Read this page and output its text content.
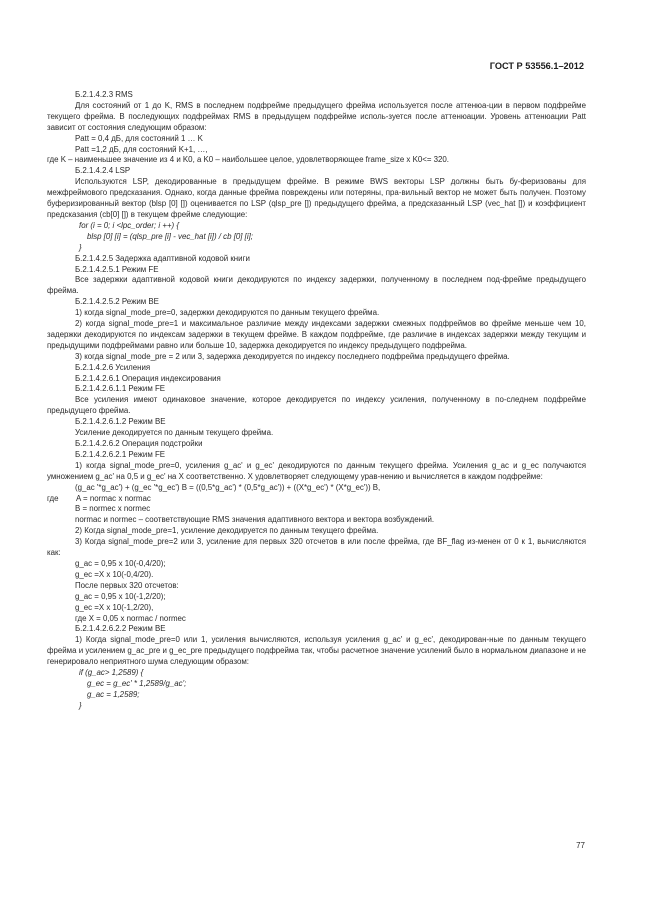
ГОСТ Р 53556.1–2012

Б.2.1.4.2.3 RMS

Для состояний от 1 до K, RMS в последнем подфрейме предыдущего фрейма используется после аттенюа-ции в первом подфрейме текущего фрейма. В последующих подфреймах RMS в предыдущем подфрейме исполь-зуется после аттенюации. Уровень аттенюации Patt зависит от состояния следующим образом:

Patt = 0,4 дБ, для состояний 1 … K

Patt =1,2 дБ, для состояний K+1, …,

где K – наименьшее значение из 4 и K0, а K0 – наибольшее целое, удовлетворяющее frame_size x K0<= 320.

Б.2.1.4.2.4 LSP

Используются LSP, декодированные в предыдущем фрейме. В режиме BWS векторы LSP должны быть бу-феризованы для межфреймового предсказания. Однако, когда данные фрейма повреждены или потеряны, пра-вильный вектор не может быть получен. Поэтому буферизированный вектор (blsp [0] []) оценивается по LSP (qlsp_pre []) предыдущего фрейма, а предсказанный LSP (vec_hat []) и коэффициент предсказания (cb[0] []) в текущем фрейме следующие:

for (i = 0; i <lpc_order; i ++) {

blsp [0] [i] = (qlsp_pre [i] - vec_hat [i]) / cb [0] [i];

}

Б.2.1.4.2.5 Задержка адаптивной кодовой книги

Б.2.1.4.2.5.1 Режим FE

Все задержки адаптивной кодовой книги декодируются по индексу задержки, полученному в последнем под-фрейме предыдущего фрейма.

Б.2.1.4.2.5.2 Режим BE

1) когда signal_mode_pre=0, задержки декодируются по данным текущего фрейма.

2) когда signal_mode_pre=1 и максимальное различие между индексами задержки смежных подфреймов во фрейме меньше чем 10, задержки декодируются по индексам задержки в текущем фрейме. В каждом подфрейме, где различие в индексах задержки между текущим и предыдущими подфреймами равно или больше 10, задержка декодируется по индексу предыдущего подфрейма.

3) когда signal_mode_pre = 2 или 3, задержка декодируется по индексу последнего подфрейма предыдущего фрейма.

Б.2.1.4.2.6 Усиления

Б.2.1.4.2.6.1 Операция индексирования

Б.2.1.4.2.6.1.1 Режим FE

Все усиления имеют одинаковое значение, которое декодируется по индексу усиления, полученному в по-следнем подфрейме предыдущего фрейма.

Б.2.1.4.2.6.1.2 Режим BE

Усиление декодируется по данным текущего фрейма.

Б.2.1.4.2.6.2 Операция подстройки

Б.2.1.4.2.6.2.1 Режим FE

1) когда signal_mode_pre=0, усиления g_ac' и g_ec' декодируются по данным текущего фрейма. Усиления g_ac и g_ec получаются умножением g_ac' на 0,5 и g_ec' на X соответственно. X удовлетворяет следующему урав-нению и вычисляется в каждом подфрейме:

(g_ac '*g_ac') + (g_ec '*g_ec') B = ((0,5*g_ac') * (0,5*g_ac')) + ((X*g_ec') * (X*g_ec')) B,

где	A = normac x normac

B = normec x normec

normac и normec – соответствующие RMS значения адаптивного вектора и вектора возбуждений.

2) Когда signal_mode_pre=1, усиление декодируется по данным текущего фрейма.

3) Когда signal_mode_pre=2 или 3, усиление для первых 320 отсчетов в или после фрейма, где BF_flag из-менен от 0 к 1, вычисляются как:

g_ac = 0,95 x 10(-0,4/20);

g_ec =X x 10(-0,4/20).

После первых 320 отсчетов:

g_ac = 0,95 x 10(-1,2/20);

g_ec =X x 10(-1,2/20),

где X = 0,05 x normac / normec

Б.2.1.4.2.6.2.2 Режим BE

1) Когда signal_mode_pre=0 или 1, усиления вычисляются, используя усиления g_ac' и g_ec', декодирован-ные по данным текущего фрейма и усилением g_ac_pre и g_ec_pre предыдущего подфрейма так, чтобы расчетное значение усилений было в нормальном диапазоне и не генерировало неприятного шума следующим образом:

if (g_ac> 1,2589) {

g_ec = g_ec' * 1,2589/g_ac';

g_ac = 1,2589;

}

77
